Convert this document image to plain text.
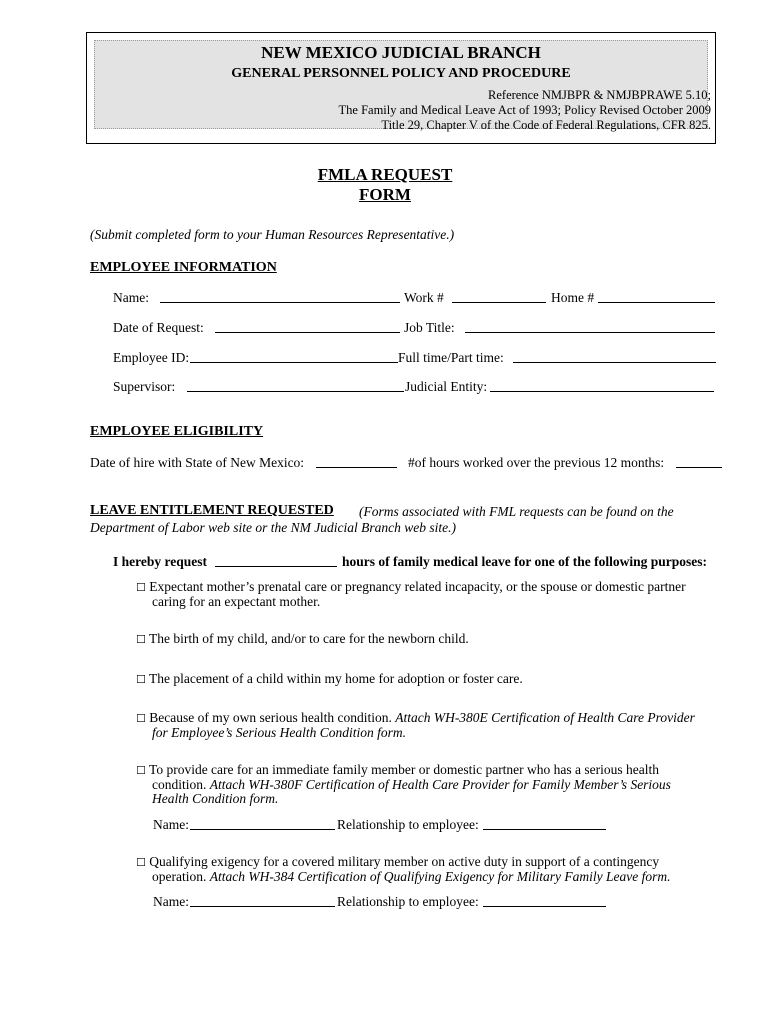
NEW MEXICO JUDICIAL BRANCH
GENERAL PERSONNEL POLICY AND PROCEDURE
Reference NMJBPR & NMJBPRAWE 5.10;
The Family and Medical Leave Act of 1993; Policy Revised October 2009
Title 29, Chapter V of the Code of Federal Regulations, CFR 825.
FMLA REQUEST
FORM
(Submit completed form to your Human Resources Representative.)
EMPLOYEE INFORMATION
Name:	Work #	Home #
Date of Request:	Job Title:
Employee ID:	Full time/Part time:
Supervisor:	Judicial Entity:
EMPLOYEE ELIGIBILITY
Date of hire with State of New Mexico:	#of hours worked over the previous 12 months:
LEAVE ENTITLEMENT REQUESTED (Forms associated with FML requests can be found on the
Department of Labor web site or the NM Judicial Branch web site.)
I hereby request	hours of family medical leave for one of the following purposes:
☐ Expectant mother’s prenatal care or pregnancy related incapacity, or the spouse or domestic partner
caring for an expectant mother.
☐ The birth of my child, and/or to care for the newborn child.
☐ The placement of a child within my home for adoption or foster care.
☐ Because of my own serious health condition. Attach WH-380E Certification of Health Care Provider
for Employee’s Serious Health Condition form.
☐ To provide care for an immediate family member or domestic partner who has a serious health
condition. Attach WH-380F Certification of Health Care Provider for Family Member’s Serious
Health Condition form.
Name:	Relationship to employee:
☐ Qualifying exigency for a covered military member on active duty in support of a contingency
operation. Attach WH-384 Certification of Qualifying Exigency for Military Family Leave form.
Name:	Relationship to employee:
